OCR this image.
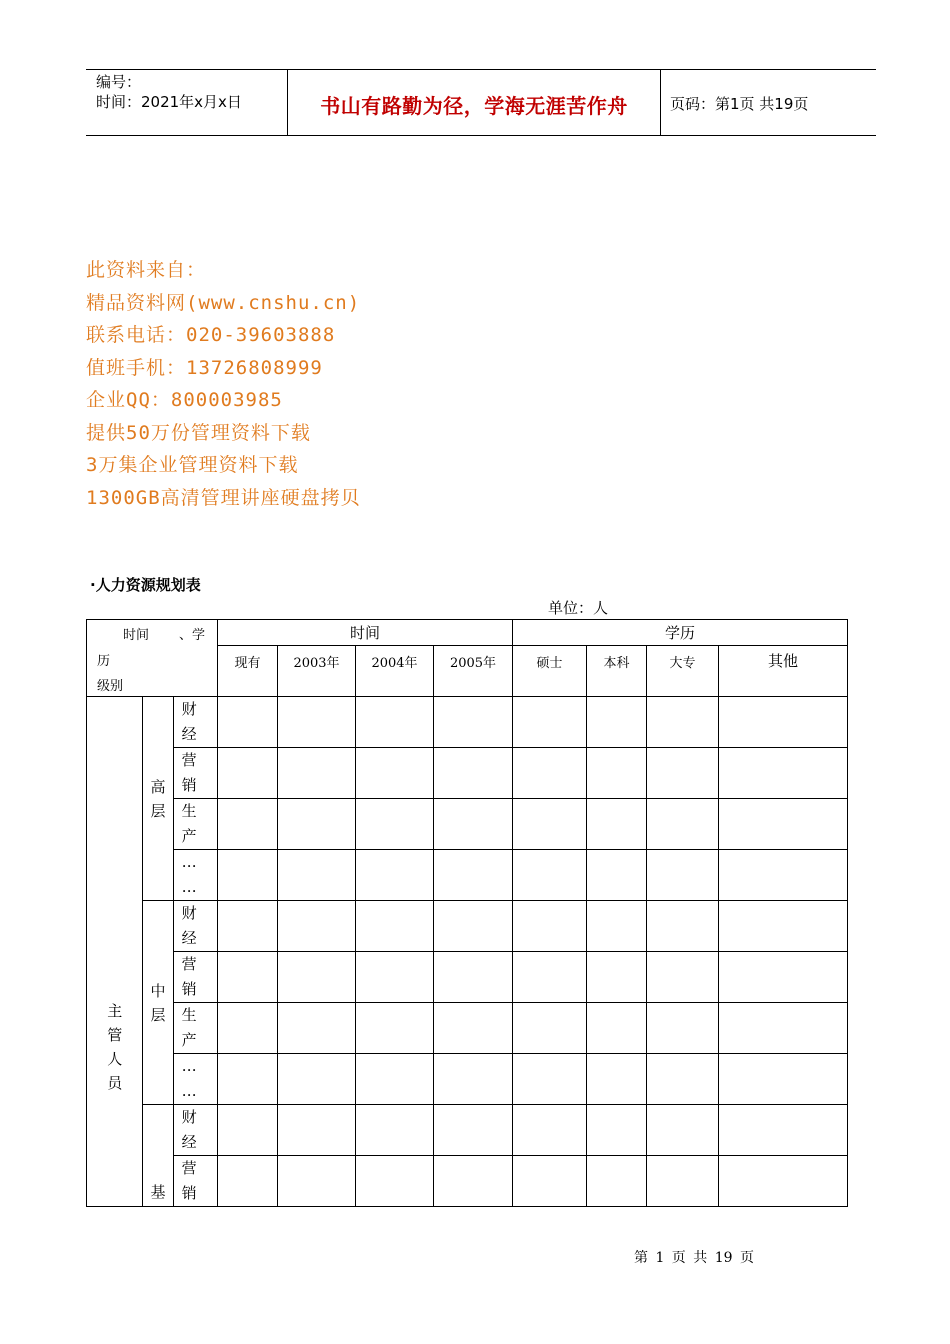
编号：
时间：2021年x月x日	书山有路勤为径，学海无涯苦作舟	页码：第1页 共19页
此资料来自：
精品资料网(www.cnshu.cn)
联系电话：020-39603888
值班手机：13726808999
企业QQ：800003985
提供50万份管理资料下载
3万集企业管理资料下载
1300GB高清管理讲座硬盘拷贝
·人力资源规划表
单位：人
时间 、学
历
级别			时间				学历			
			现有	2003年	2004年	2005年	硕士	本科	大专	其他

主管人员	高层	财经								

		营销								

		生产								

		……								

	中层	财经								

		营销								

		生产								

		……								

	基	财经								

		营销								

第 1 页 共 19 页
